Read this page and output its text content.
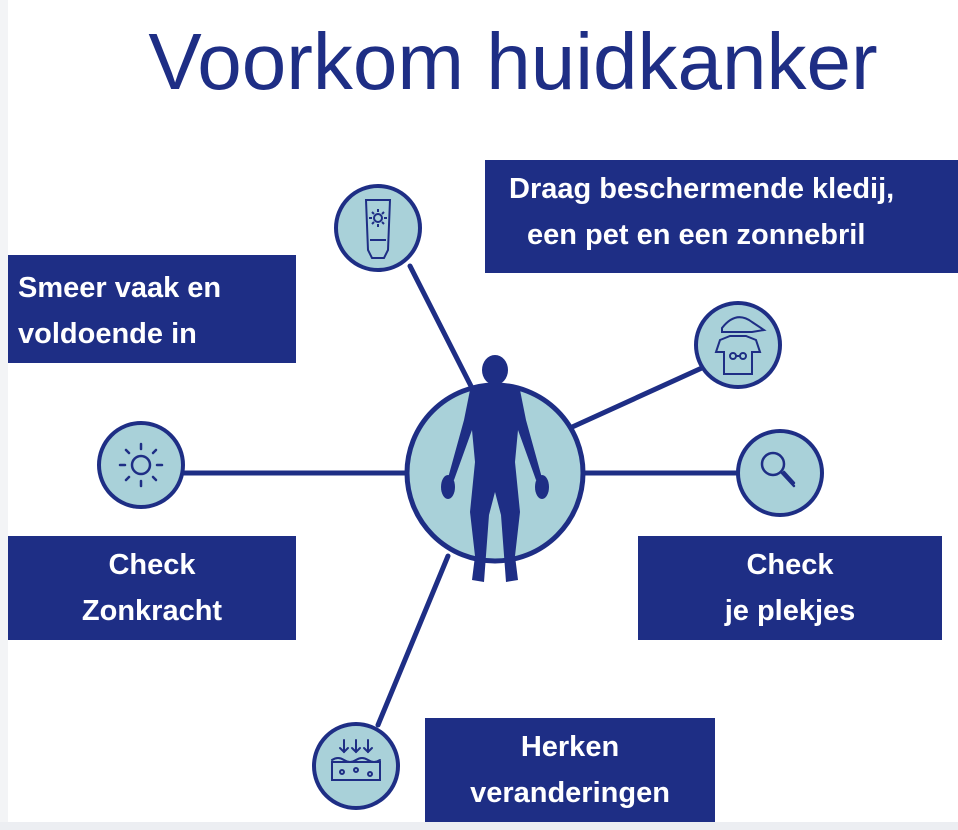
Voorkom huidkanker
Smeer vaak en
voldoende in
Draag beschermende kledij,
een pet en een zonnebril
Check
Zonkracht
Check
je plekjes
Herken
veranderingen
